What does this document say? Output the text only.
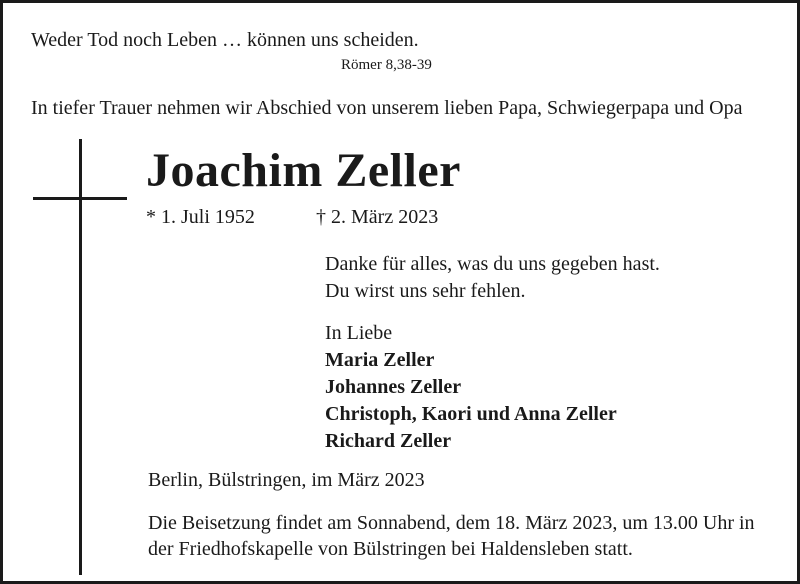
Weder Tod noch Leben … können uns scheiden.
Römer 8,38-39
In tiefer Trauer nehmen wir Abschied von unserem lieben Papa, Schwiegerpapa und Opa
Joachim Zeller
* 1. Juli 1952	† 2. März 2023
Danke für alles, was du uns gegeben hast.
Du wirst uns sehr fehlen.
In Liebe
Maria Zeller
Johannes Zeller
Christoph, Kaori und Anna Zeller
Richard Zeller
Berlin, Bülstringen, im März 2023
Die Beisetzung findet am Sonnabend, dem 18. März 2023, um 13.00 Uhr in
der Friedhofskapelle von Bülstringen bei Haldensleben statt.
